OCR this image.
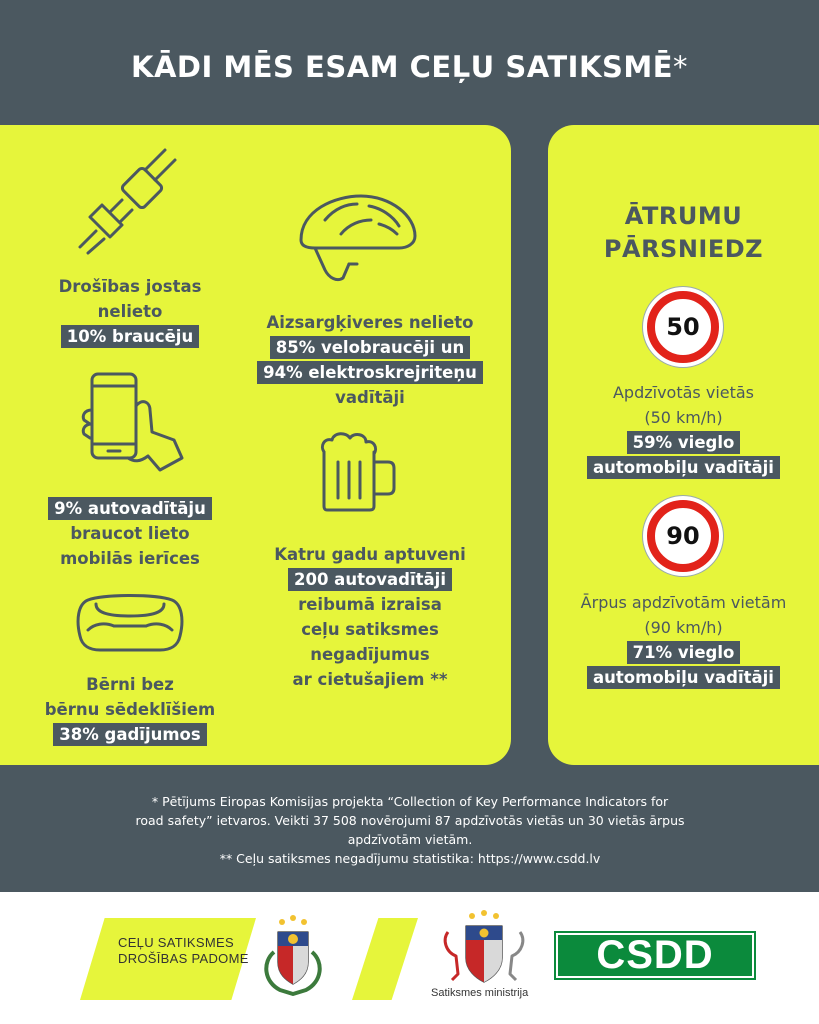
KĀDI MĒS ESAM CEĻU SATIKSMĒ*
Drošības jostas
nelieto
10% braucēju
Aizsargķiveres nelieto
85% velobraucēji un
94% elektroskrejriteņu
vadītāji
9% autovadītāju
braucot lieto
mobilās ierīces	Katru gadu aptuveni
200 autovadītāji
reibumā izraisa
ceļu satiksmes
negadījumus
ar cietušajiem **
Bērni bez
bērnu sēdeklīšiem
38% gadījumos
ĀTRUMU
PĀRSNIEDZ
50
Apdzīvotās vietās
(50 km/h)
59% vieglo
automobiļu vadītāji
90
Ārpus apdzīvotām vietām
(90 km/h)
71% vieglo
automobiļu vadītāji
* Pētījums Eiropas Komisijas projekta “Collection of Key Performance Indicators for
road safety” ietvaros. Veikti 37 508 novērojumi 87 apdzīvotās vietās un 30 vietās ārpus
apdzīvotām vietām.
** Ceļu satiksmes negadījumu statistika: https://www.csdd.lv
CEĻU SATIKSMES
DROŠĪBAS PADOME
Satiksmes ministrija
CSDD
